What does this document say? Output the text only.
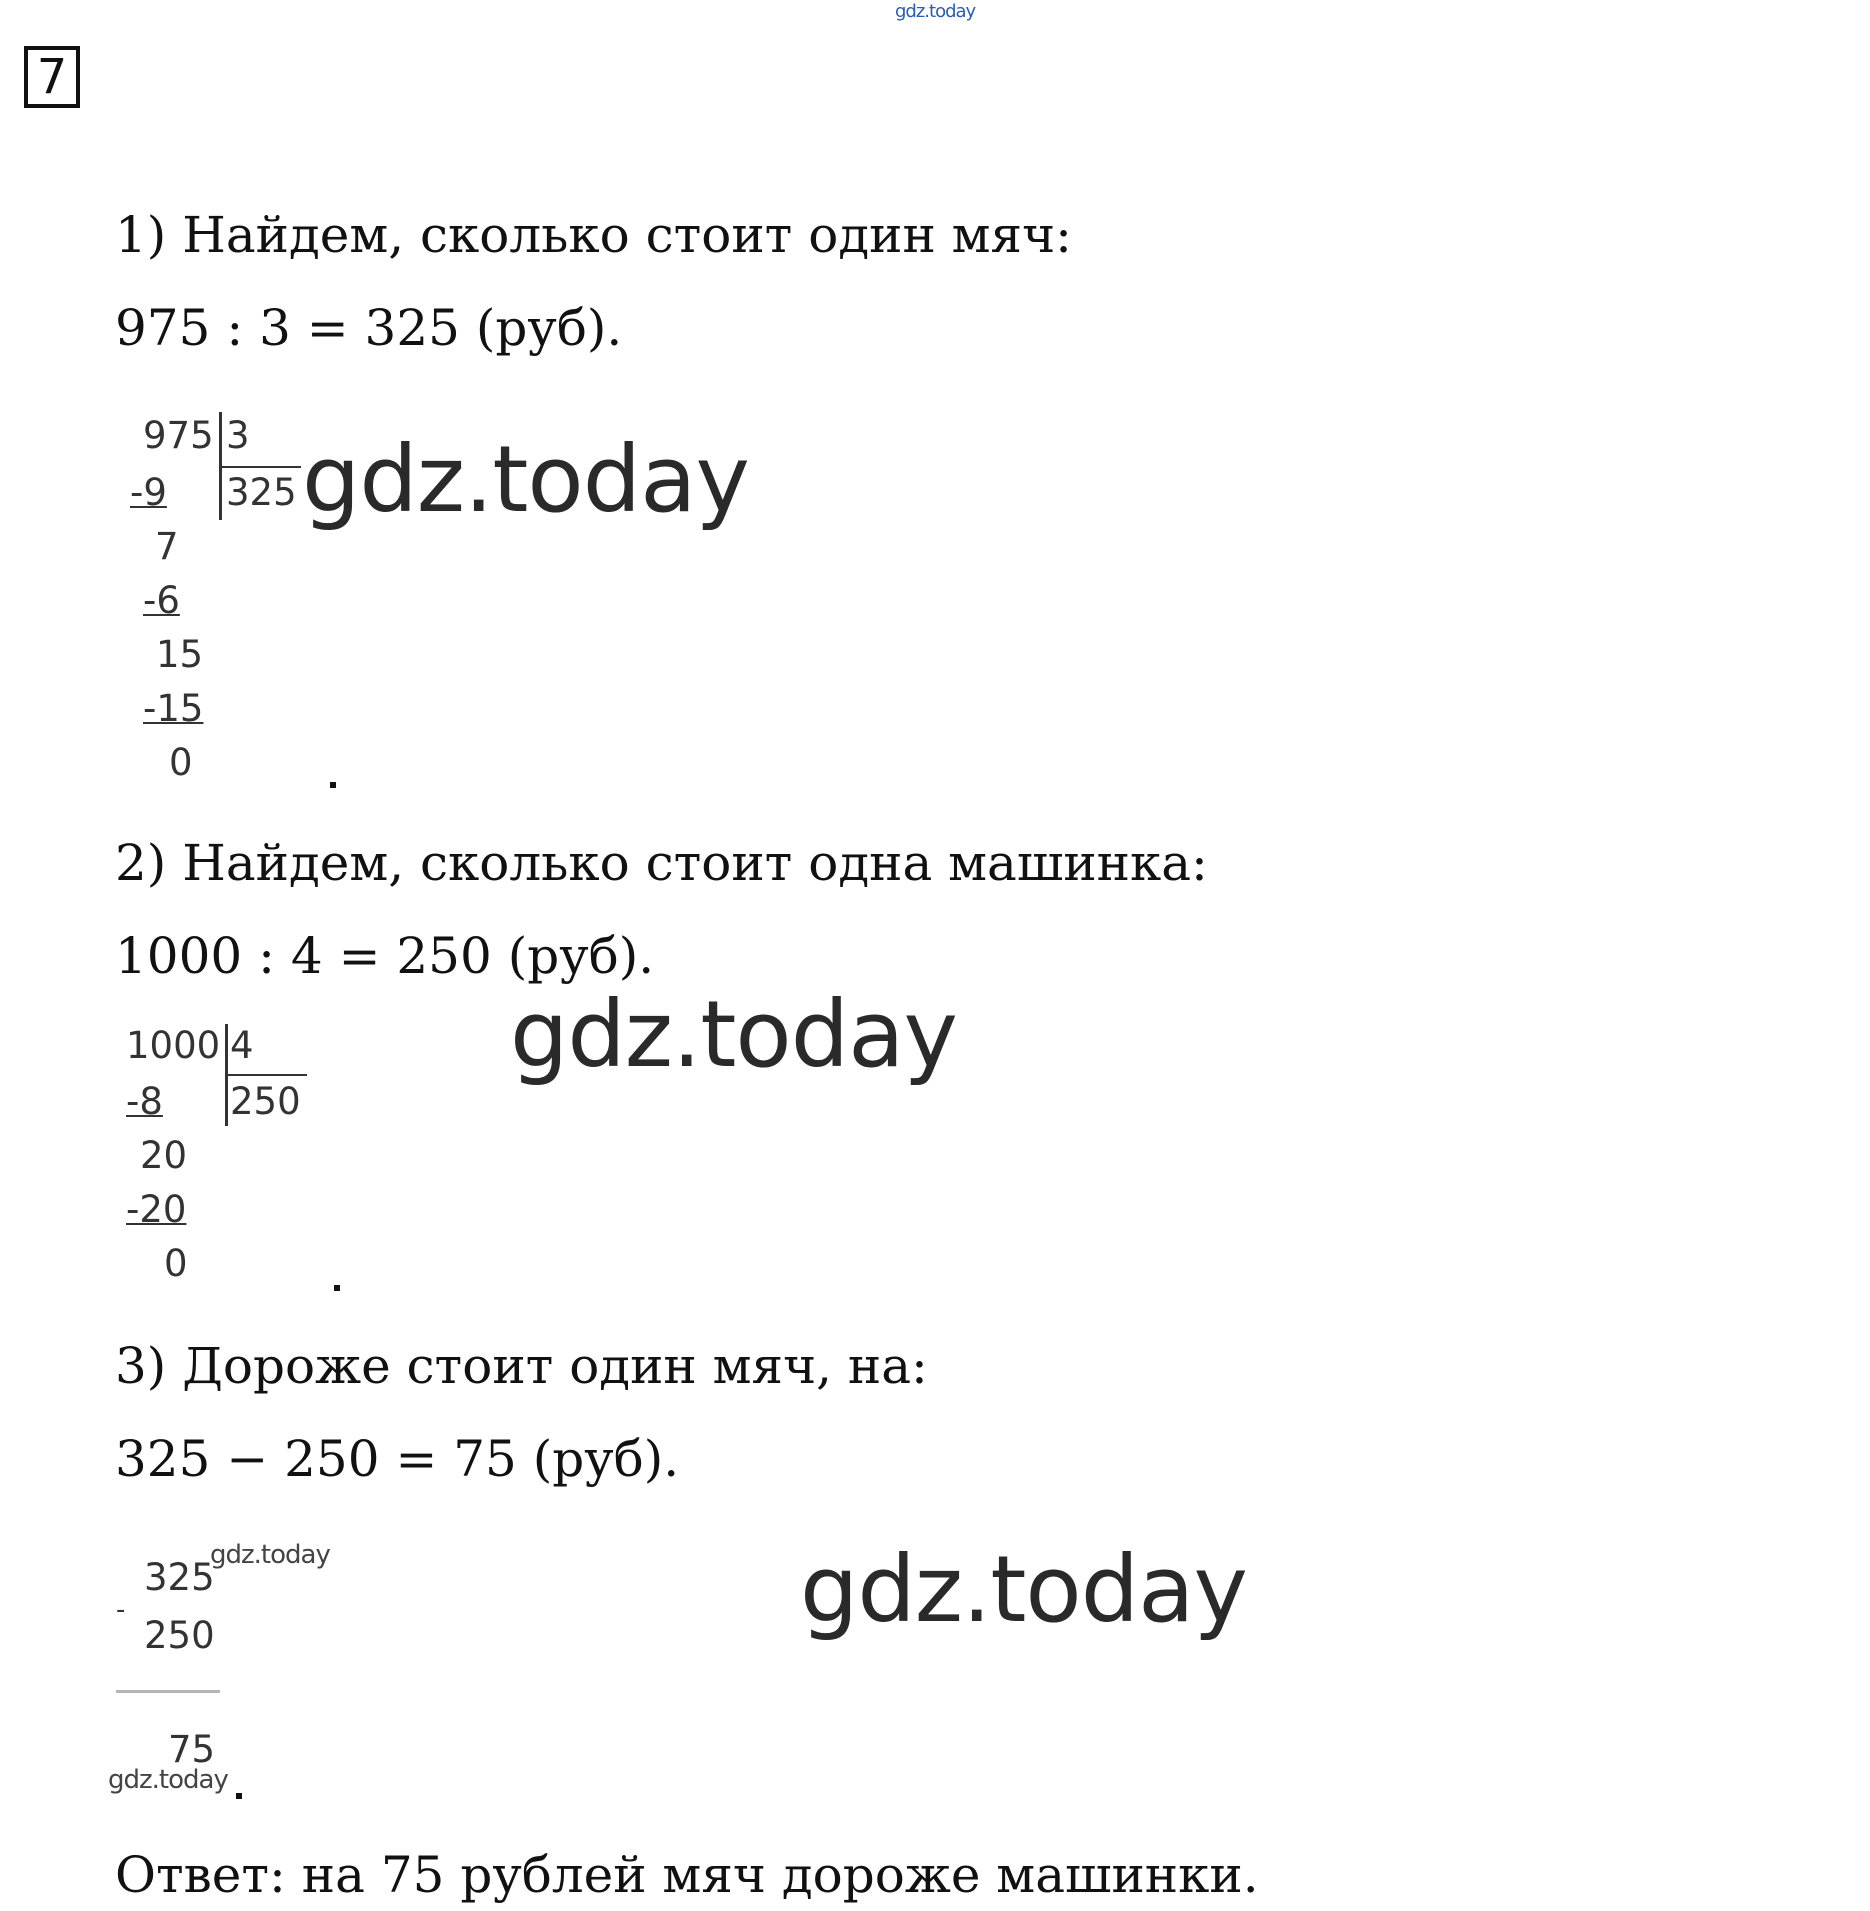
gdz.today
7
1) Найдем, сколько стоит один мяч:
975 : 3 = 325 (руб).
975 3
325
-9
7
-6
15
-15
0
gdz.today
2) Найдем, сколько стоит одна машинка:
1000 : 4 = 250 (руб).
1000 4
250
-8
20
-20
0
gdz.today
3) Дороже стоит один мяч, на:
325 − 250 = 75 (руб).
-
325
250
75
gdz.today
gdz.today
gdz.today
Ответ: на 75 рублей мяч дороже машинки.
